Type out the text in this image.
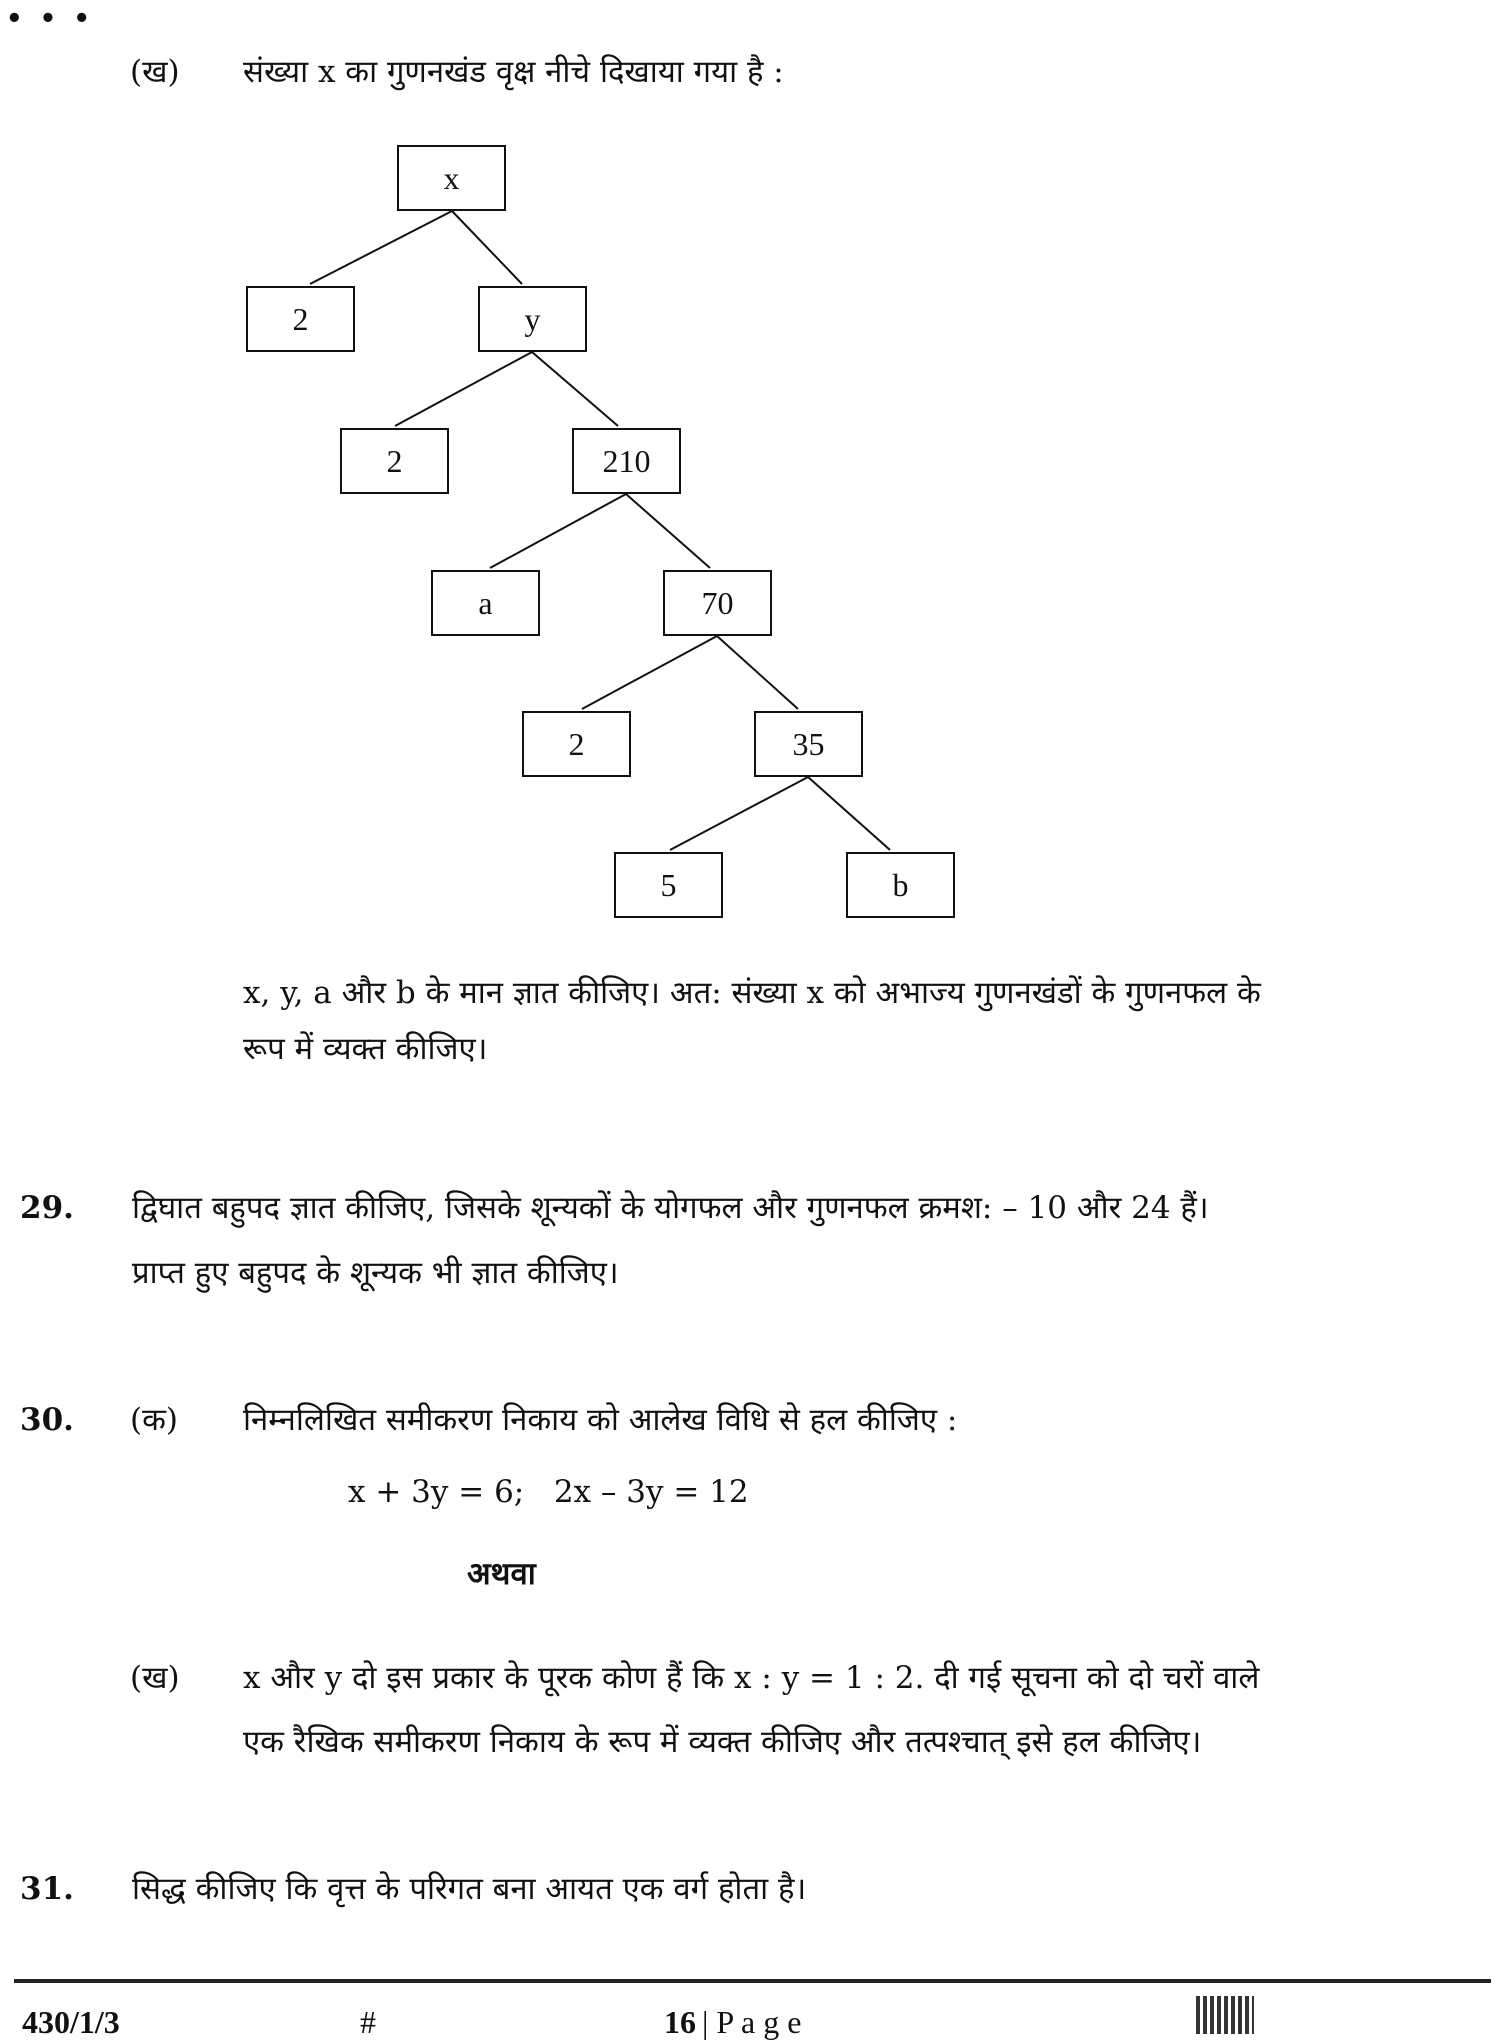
• • •
(ख) संख्या x का गुणनखंड वृक्ष नीचे दिखाया गया है :
x
2	y
2	210
a	70
2	35
5	b
x, y, a और b के मान ज्ञात कीजिए। अत: संख्या x को अभाज्य गुणनखंडों के गुणनफल के
रूप में व्यक्त कीजिए।
29. द्विघात बहुपद ज्ञात कीजिए, जिसके शून्यकों के योगफल और गुणनफल क्रमश: – 10 और 24 हैं।
प्राप्त हुए बहुपद के शून्यक भी ज्ञात कीजिए।
30. (क) निम्नलिखित समीकरण निकाय को आलेख विधि से हल कीजिए :
x + 3y = 6;   2x – 3y = 12
अथवा
(ख) x और y दो इस प्रकार के पूरक कोण हैं कि x : y = 1 : 2. दी गई सूचना को दो चरों वाले
एक रैखिक समीकरण निकाय के रूप में व्यक्त कीजिए और तत्पश्चात् इसे हल कीजिए।
31. सिद्ध कीजिए कि वृत्त के परिगत बना आयत एक वर्ग होता है।
430/1/3	#	16 | P a g e
